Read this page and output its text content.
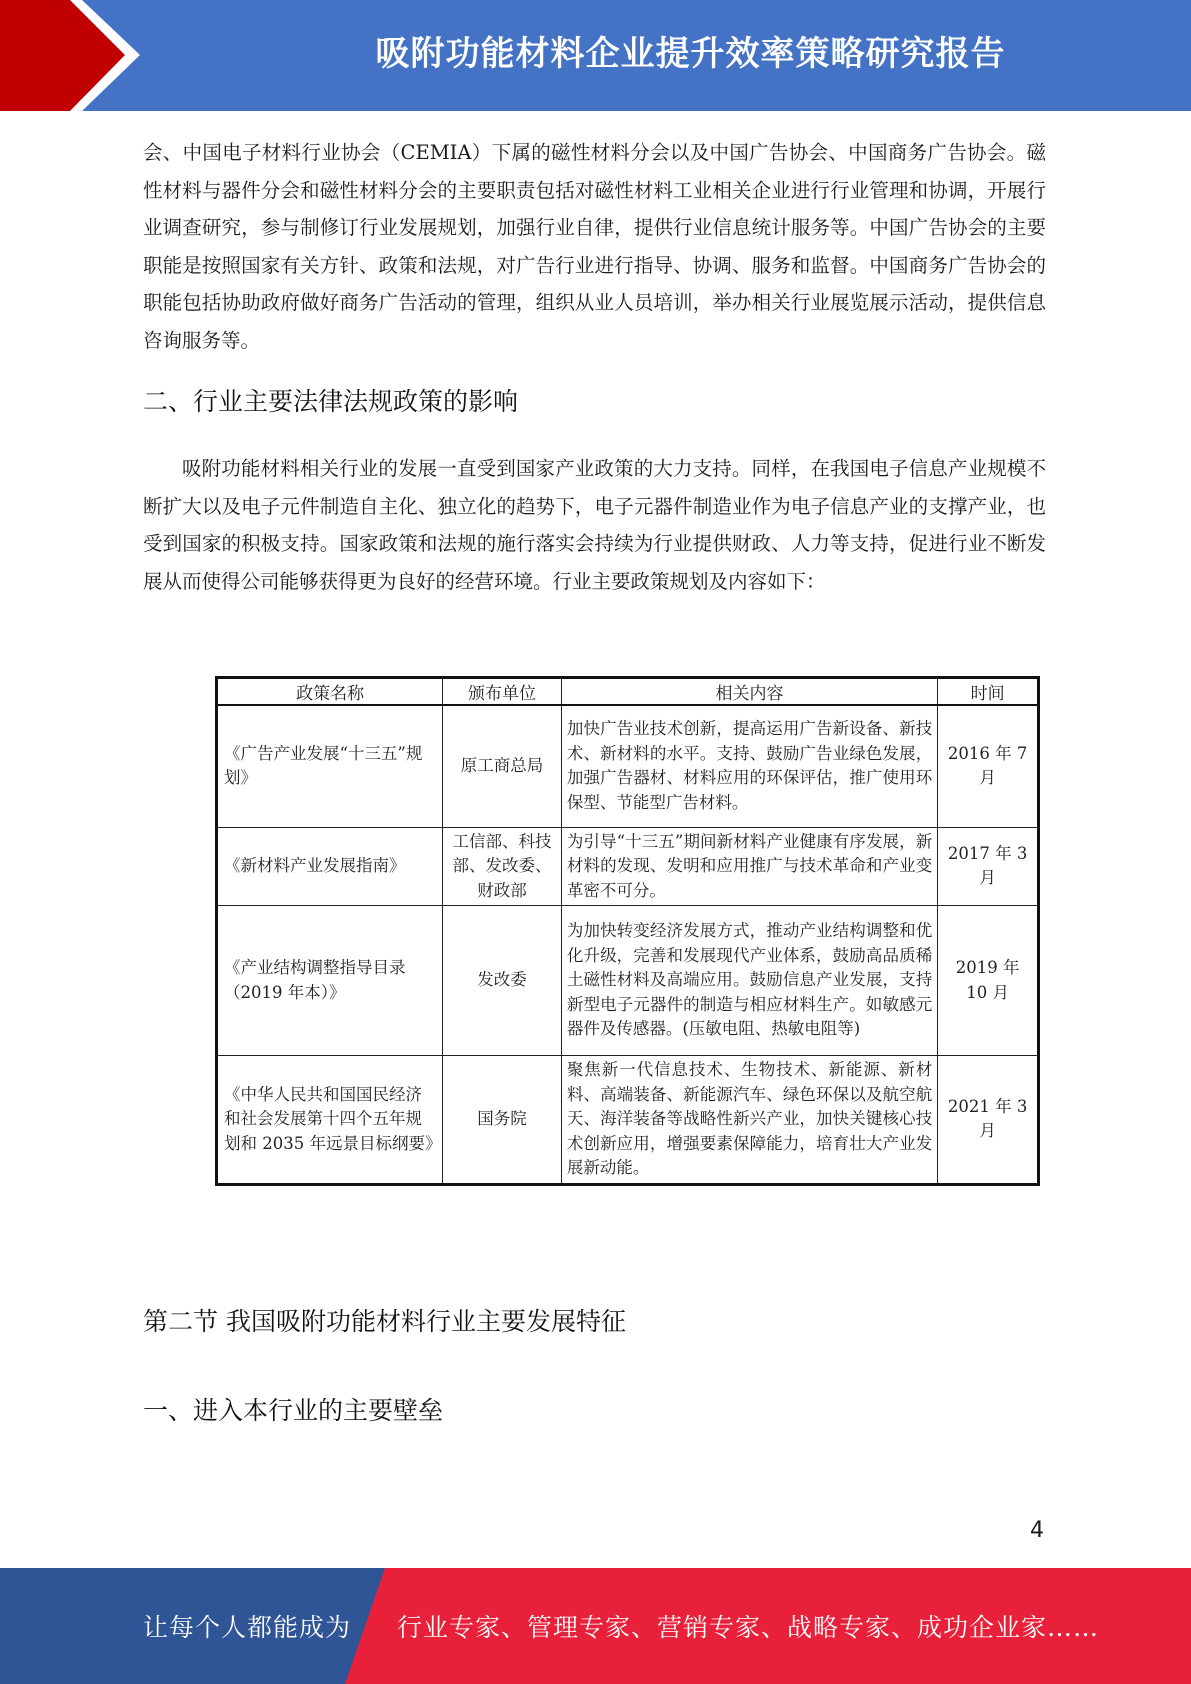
吸附功能材料企业提升效率策略研究报告

会、中国电子材料行业协会（CEMIA）下属的磁性材料分会以及中国广告协会、中国商务广告协会。磁性材料与器件分会和磁性材料分会的主要职责包括对磁性材料工业相关企业进行行业管理和协调，开展行业调查研究，参与制修订行业发展规划，加强行业自律，提供行业信息统计服务等。中国广告协会的主要职能是按照国家有关方针、政策和法规，对广告行业进行指导、协调、服务和监督。中国商务广告协会的职能包括协助政府做好商务广告活动的管理，组织从业人员培训，举办相关行业展览展示活动，提供信息咨询服务等。

二、行业主要法律法规政策的影响

吸附功能材料相关行业的发展一直受到国家产业政策的大力支持。同样，在我国电子信息产业规模不断扩大以及电子元件制造自主化、独立化的趋势下，电子元器件制造业作为电子信息产业的支撑产业，也受到国家的积极支持。国家政策和法规的施行落实会持续为行业提供财政、人力等支持，促进行业不断发展从而使得公司能够获得更为良好的经营环境。行业主要政策规划及内容如下：

政策名称	颁布单位	相关内容	时间
《广告产业发展“十三五”规划》	原工商总局	加快广告业技术创新，提高运用广告新设备、新技术、新材料的水平。支持、鼓励广告业绿色发展，加强广告器材、材料应用的环保评估，推广使用环保型、节能型广告材料。	2016 年 7 月
《新材料产业发展指南》	工信部、科技部、发改委、财政部	为引导“十三五”期间新材料产业健康有序发展，新材料的发现、发明和应用推广与技术革命和产业变革密不可分。	2017 年 3 月
《产业结构调整指导目录（2019 年本）》	发改委	为加快转变经济发展方式，推动产业结构调整和优化升级，完善和发展现代产业体系，鼓励高品质稀土磁性材料及高端应用。鼓励信息产业发展，支持新型电子元器件的制造与相应材料生产。如敏感元器件及传感器。(压敏电阻、热敏电阻等)	2019 年 10 月
《中华人民共和国国民经济和社会发展第十四个五年规划和 2035 年远景目标纲要》	国务院	聚焦新一代信息技术、生物技术、新能源、新材料、高端装备、新能源汽车、绿色环保以及航空航天、海洋装备等战略性新兴产业，加快关键核心技术创新应用，增强要素保障能力，培育壮大产业发展新动能。	2021 年 3 月
第二节 我国吸附功能材料行业主要发展特征
一、进入本行业的主要壁垒
4
让每个人都能成为 行业专家、管理专家、营销专家、战略专家、成功企业家……
